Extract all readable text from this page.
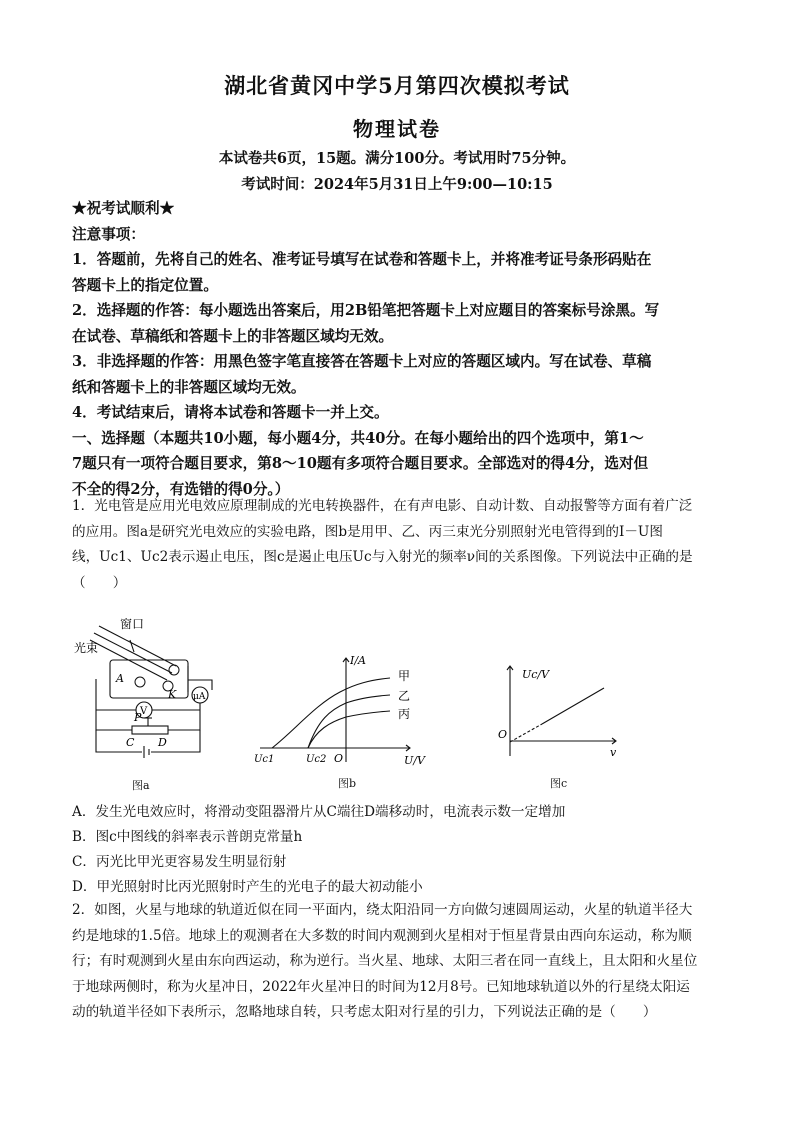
湖北省黄冈中学5月第四次模拟考试
物理试卷
本试卷共6页，15题。满分100分。考试用时75分钟。
考试时间：2024年5月31日上午9:00—10:15
★祝考试顺利★
注意事项：
1．答题前，先将自己的姓名、准考证号填写在试卷和答题卡上，并将准考证号条形码贴在
答题卡上的指定位置。
2．选择题的作答：每小题选出答案后，用2B铅笔把答题卡上对应题目的答案标号涂黑。写
在试卷、草稿纸和答题卡上的非答题区域均无效。
3．非选择题的作答：用黑色签字笔直接答在答题卡上对应的答题区域内。写在试卷、草稿
纸和答题卡上的非答题区域均无效。
4．考试结束后，请将本试卷和答题卡一并上交。
一、选择题（本题共10小题，每小题4分，共40分。在每小题给出的四个选项中，第1～
7题只有一项符合题目要求，第8～10题有多项符合题目要求。全部选对的得4分，选对但
不全的得2分，有选错的得0分。）
1．光电管是应用光电效应原理制成的光电转换器件，在有声电影、自动计数、自动报警等方面有着广泛
的应用。图a是研究光电效应的实验电路，图b是用甲、乙、丙三束光分别照射光电管得到的I－U图
线，Uc1、Uc2表示遏止电压，图c是遏止电压Uc与入射光的频率ν间的关系图像。下列说法中正确的是
（　　）
窗口
光束
A
K μA
V
P
C D
图a
I/A
U/V
O
Uc1	Uc2
甲
乙
丙
图b
Uc/V
v
O
图c
A．发生光电效应时，将滑动变阻器滑片从C端往D端移动时，电流表示数一定增加
B．图c中图线的斜率表示普朗克常量h
C．丙光比甲光更容易发生明显衍射
D．甲光照射时比丙光照射时产生的光电子的最大初动能小
2．如图，火星与地球的轨道近似在同一平面内，绕太阳沿同一方向做匀速圆周运动，火星的轨道半径大
约是地球的1.5倍。地球上的观测者在大多数的时间内观测到火星相对于恒星背景由西向东运动，称为顺
行；有时观测到火星由东向西运动，称为逆行。当火星、地球、太阳三者在同一直线上，且太阳和火星位
于地球两侧时，称为火星冲日，2022年火星冲日的时间为12月8号。已知地球轨道以外的行星绕太阳运
动的轨道半径如下表所示，忽略地球自转，只考虑太阳对行星的引力，下列说法正确的是（　　）
